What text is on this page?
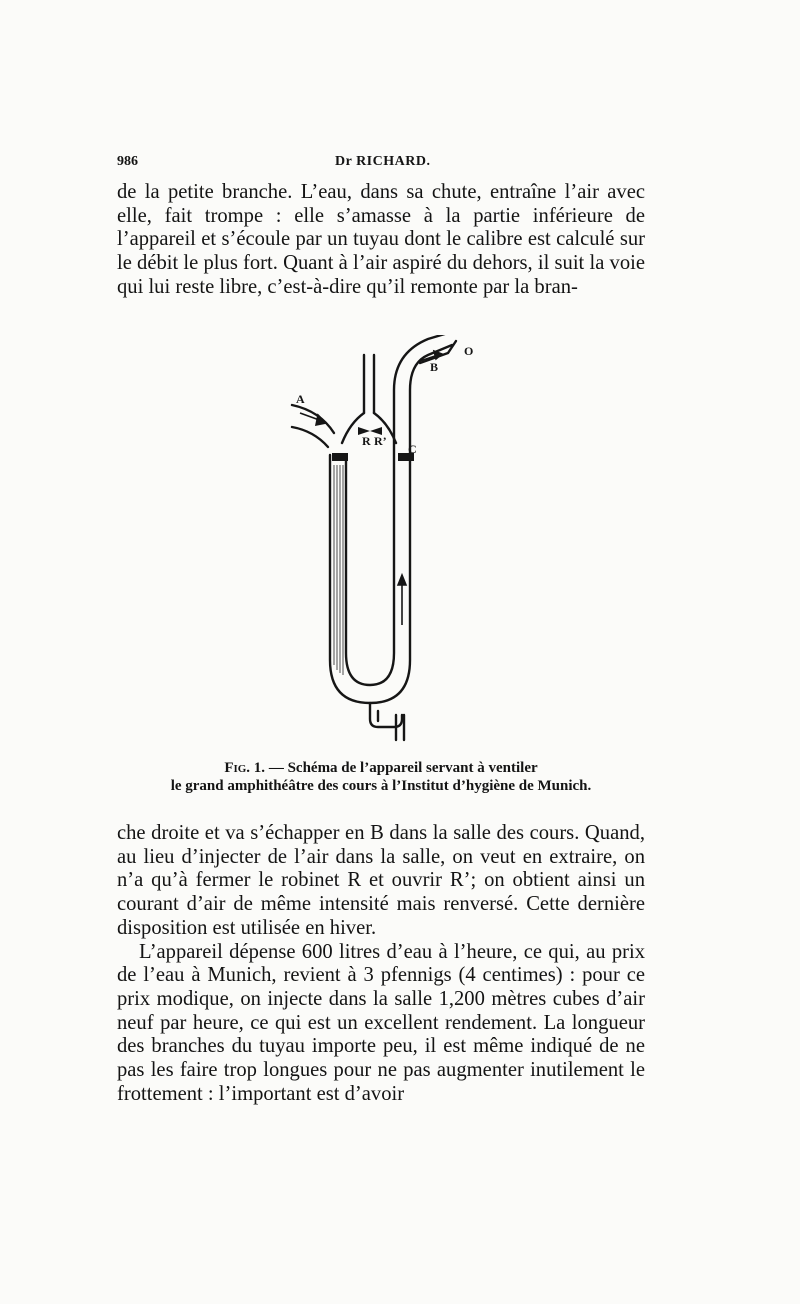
986	Dr RICHARD.

de la petite branche. L’eau, dans sa chute, entraîne l’air avec elle, fait trompe : elle s’amasse à la partie inférieure de l’appareil et s’écoule par un tuyau dont le calibre est calculé sur le débit le plus fort. Quant à l’air aspiré du dehors, il suit la voie qui lui reste libre, c’est-à-dire qu’il remonte par la bran-

A
B
O
R R’
C
Fig. 1. — Schéma de l’appareil servant à ventiler
le grand amphithéâtre des cours à l’Institut d’hygiène de Munich.

che droite et va s’échapper en B dans la salle des cours. Quand, au lieu d’injecter de l’air dans la salle, on veut en extraire, on n’a qu’à fermer le robinet R et ouvrir R’; on obtient ainsi un courant d’air de même intensité mais renversé. Cette dernière disposition est utilisée en hiver.

L’appareil dépense 600 litres d’eau à l’heure, ce qui, au prix de l’eau à Munich, revient à 3 pfennigs (4 centimes) : pour ce prix modique, on injecte dans la salle 1,200 mètres cubes d’air neuf par heure, ce qui est un excellent rendement. La longueur des branches du tuyau importe peu, il est même indiqué de ne pas les faire trop longues pour ne pas augmenter inutilement le frottement : l’important est d’avoir
